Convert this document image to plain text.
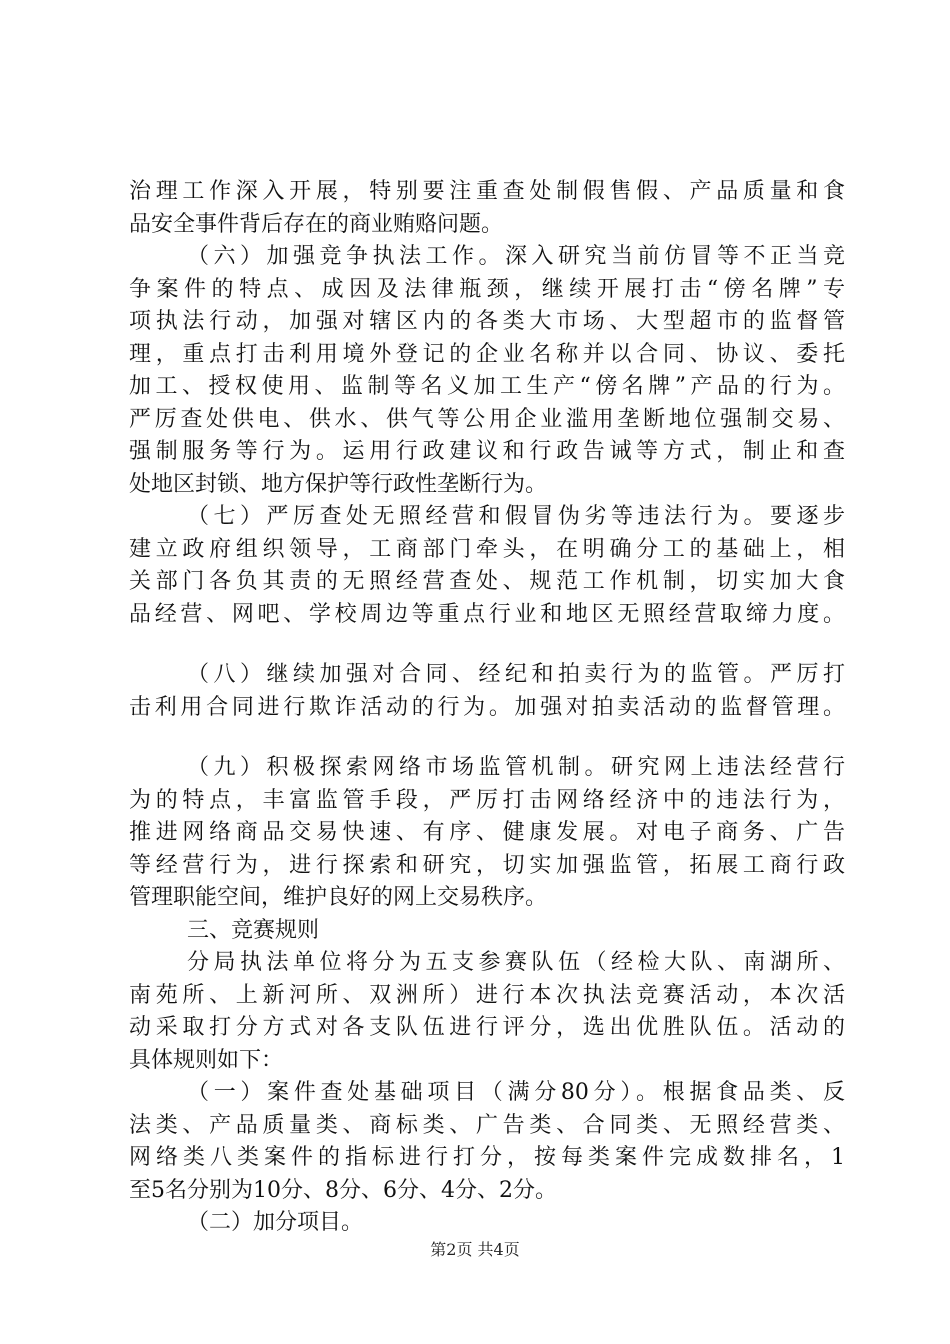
治理工作深入开展，特别要注重查处制假售假、产品质量和食
品安全事件背后存在的商业贿赂问题。
（六）加强竞争执法工作。深入研究当前仿冒等不正当竞
争案件的特点、成因及法律瓶颈，继续开展打击“傍名牌”专
项执法行动，加强对辖区内的各类大市场、大型超市的监督管
理，重点打击利用境外登记的企业名称并以合同、协议、委托
加工、授权使用、监制等名义加工生产“傍名牌”产品的行为。
严厉查处供电、供水、供气等公用企业滥用垄断地位强制交易、
强制服务等行为。运用行政建议和行政告诫等方式，制止和查
处地区封锁、地方保护等行政性垄断行为。
（七）严厉查处无照经营和假冒伪劣等违法行为。要逐步
建立政府组织领导，工商部门牵头，在明确分工的基础上，相
关部门各负其责的无照经营查处、规范工作机制，切实加大食
品经营、网吧、学校周边等重点行业和地区无照经营取缔力度。
（八）继续加强对合同、经纪和拍卖行为的监管。严厉打
击利用合同进行欺诈活动的行为。加强对拍卖活动的监督管理。
（九）积极探索网络市场监管机制。研究网上违法经营行
为的特点，丰富监管手段，严厉打击网络经济中的违法行为，
推进网络商品交易快速、有序、健康发展。对电子商务、广告
等经营行为，进行探索和研究，切实加强监管，拓展工商行政
管理职能空间，维护良好的网上交易秩序。
三、竞赛规则
分局执法单位将分为五支参赛队伍（经检大队、南湖所、
南苑所、上新河所、双洲所）进行本次执法竞赛活动，本次活
动采取打分方式对各支队伍进行评分，选出优胜队伍。活动的
具体规则如下：
（一）案件查处基础项目（满分80分）。根据食品类、反
法类、产品质量类、商标类、广告类、合同类、无照经营类、
网络类八类案件的指标进行打分，按每类案件完成数排名，1
至5名分别为10分、8分、6分、4分、2分。
（二）加分项目。
第2页 共4页
